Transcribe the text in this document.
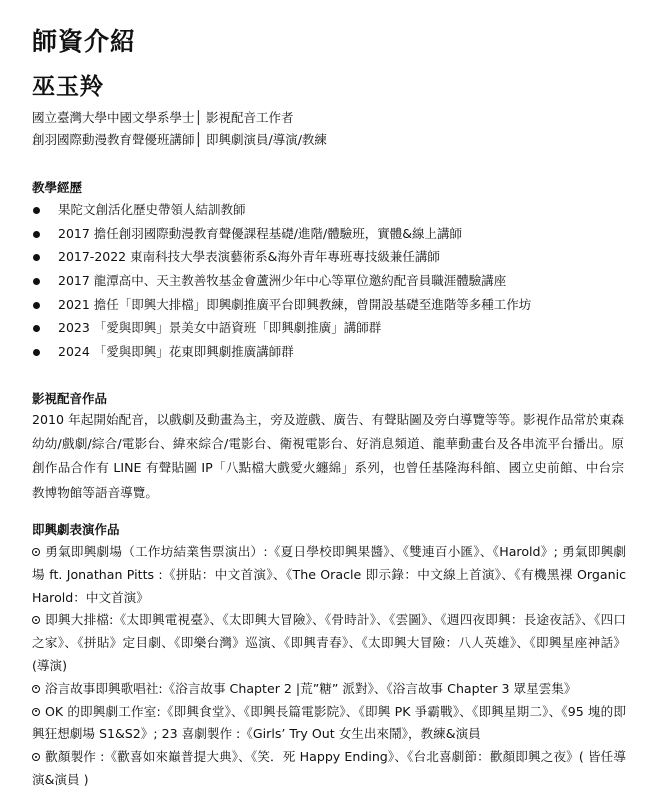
師資介紹
巫玉羚
國立臺灣大學中國文學系學士│ 影視配音工作者
創羽國際動漫教育聲優班講師│ 即興劇演員/導演/教練
教學經歷
果陀文創活化歷史帶領人結訓教師
2017 擔任創羽國際動漫教育聲優課程基礎/進階/體驗班，實體&線上講師
2017-2022 東南科技大學表演藝術系&海外青年專班專技級兼任講師
2017 龍潭高中、天主教善牧基金會蘆洲少年中心等單位邀約配音員職涯體驗講座
2021 擔任「即興大排檔」即興劇推廣平台即興教練，曾開設基礎至進階等多種工作坊
2023 「愛與即興」景美女中語資班「即興劇推廣」講師群
2024 「愛與即興」花東即興劇推廣講師群
影視配音作品

2010 年起開始配音，以戲劇及動畫為主，旁及遊戲、廣告、有聲貼圖及旁白導覽等等。影視作品常於東森幼幼/戲劇/綜合/電影台、緯來綜合/電影台、衛視電影台、好消息頻道、龍華動畫台及各串流平台播出。原創作品合作有 LINE 有聲貼圖 IP「八點檔大戲愛火纏綿」系列，也曾任基隆海科館、國立史前館、中台宗教博物館等語音導覽。

即興劇表演作品

勇氣即興劇場（工作坊結業售票演出）:《夏日學校即興果醬》、《雙連百小匯》、《Harold》; 勇氣即興劇場 ft. Jonathan Pitts :《拼貼：中文首演》、《The Oracle 即示錄：中文線上首演》、《有機黑裸 Organic Harold：中文首演》

即興大排檔:《太即興電視臺》、《太即興大冒險》、《骨時計》、《雲圖》、《週四夜即興：長途夜話》、《四口之家》、《拼貼》定目劇、《即樂台灣》巡演、《即興青春》、《太即興大冒險：八人英雄》、《即興星座神話》(導演)

浴言故事即興歌唱社:《浴言故事 Chapter 2 |荒”糖” 派對》、《浴言故事 Chapter 3 眾星雲集》

OK 的即興劇工作室:《即興食堂》、《即興長篇電影院》、《即興 PK 爭霸戰》、《即興星期二》、《95 塊的即興狂想劇場 S1&S2》; 23 喜劇製作 :《Girls’ Try Out 女生出來鬧》，教練&演員

歡顏製作 :《歡喜如來巔普提大典》、《笑．死 Happy Ending》、《台北喜劇節：歡顏即興之夜》( 皆任導演&演員 )
